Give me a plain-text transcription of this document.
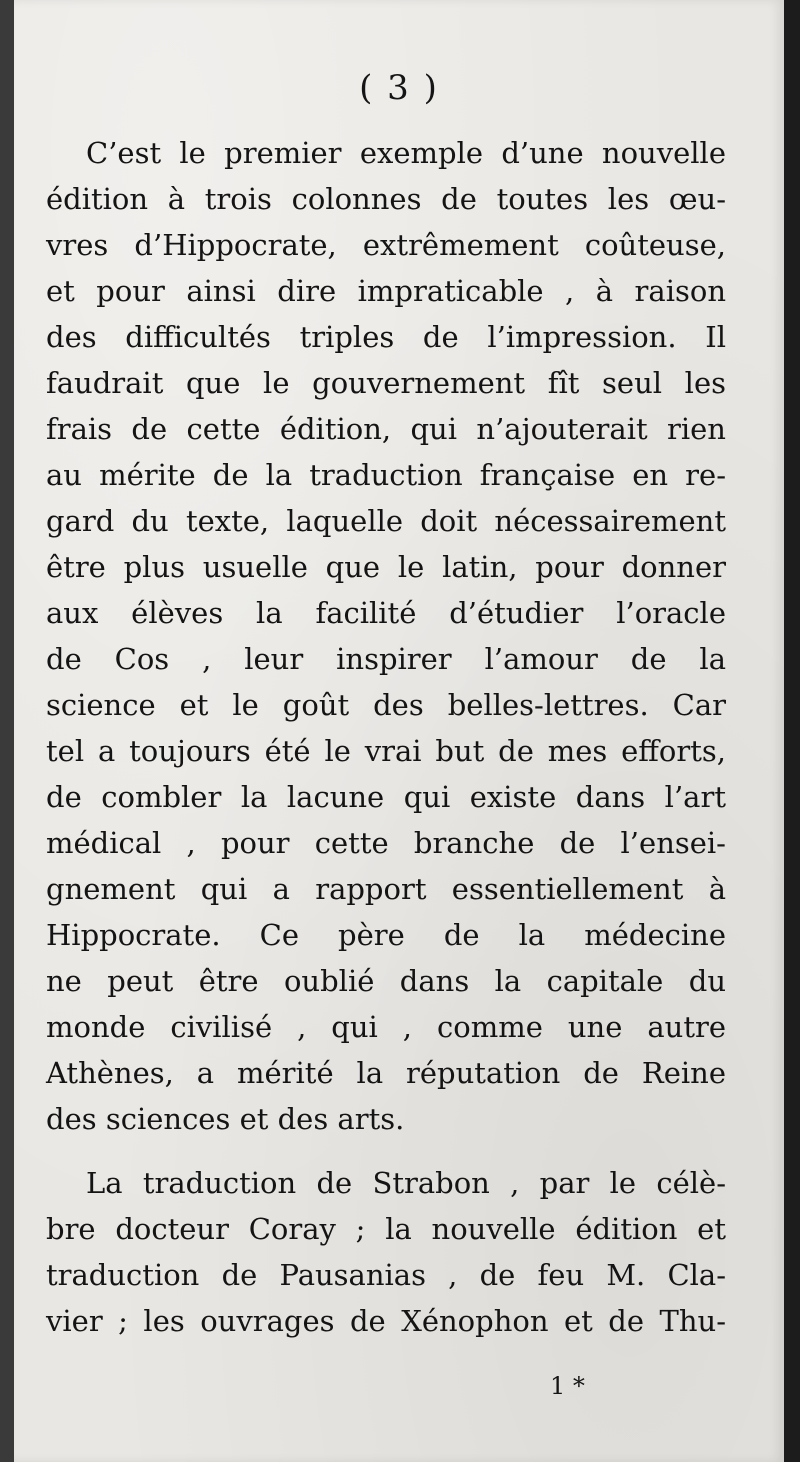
( 3 )
C’est le premier exemple d’une nouvelle
édition à trois colonnes de toutes les œu-
vres d’Hippocrate, extrêmement coûteuse,
et pour ainsi dire impraticable , à raison
des difficultés triples de l’impression. Il
faudrait que le gouvernement fît seul les
frais de cette édition, qui n’ajouterait rien
au mérite de la traduction française en re-
gard du texte, laquelle doit nécessairement
être plus usuelle que le latin, pour donner
aux élèves la facilité d’étudier l’oracle
de Cos , leur inspirer l’amour de la
science et le goût des belles-lettres. Car
tel a toujours été le vrai but de mes efforts,
de combler la lacune qui existe dans l’art
médical , pour cette branche de l’ensei-
gnement qui a rapport essentiellement à
Hippocrate. Ce père de la médecine
ne peut être oublié dans la capitale du
monde civilisé , qui , comme une autre
Athènes, a mérité la réputation de Reine
des sciences et des arts.
La traduction de Strabon , par le célè-
bre docteur Coray ; la nouvelle édition et
traduction de Pausanias , de feu M. Cla-
vier ; les ouvrages de Xénophon et de Thu-
1 *
